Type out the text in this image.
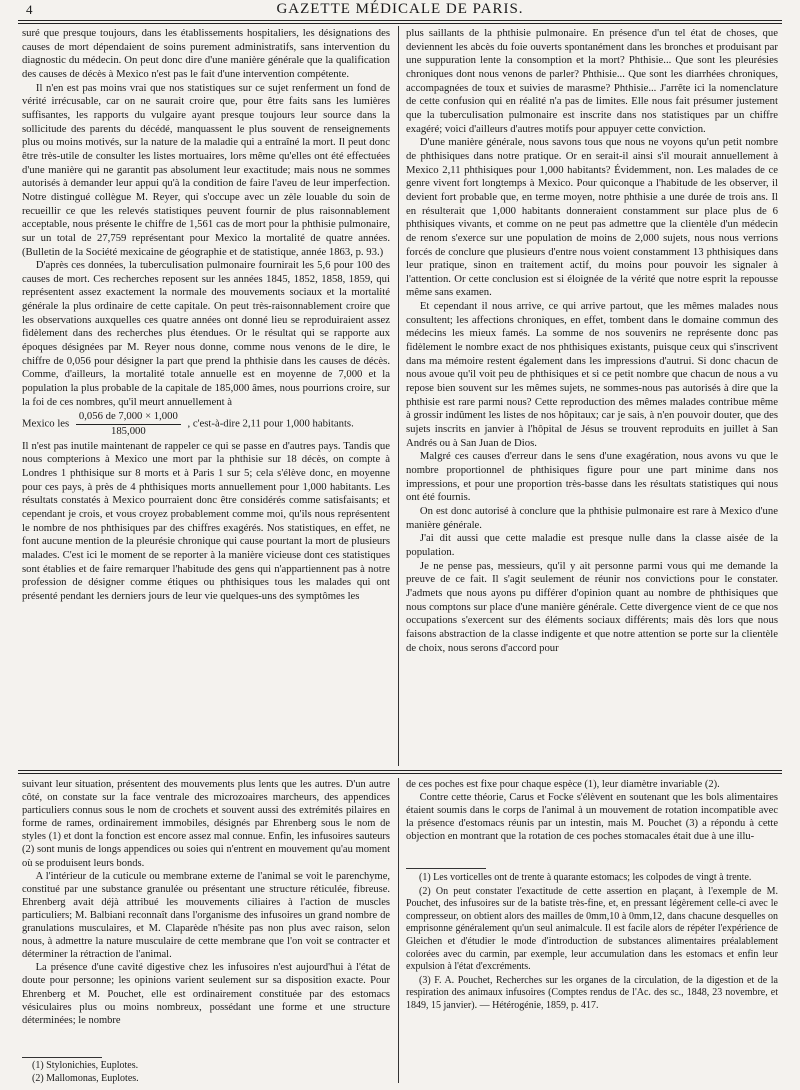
4	GAZETTE MÉDICALE DE PARIS.

suré que presque toujours, dans les établissements hospitaliers, les désignations des causes de mort dépendaient de soins purement administratifs, sans intervention du diagnostic du médecin. On peut donc dire d'une manière générale que la qualification des causes de décès à Mexico n'est pas le fait d'une intervention compétente.

Il n'en est pas moins vrai que nos statistiques sur ce sujet renferment un fond de vérité irrécusable, car on ne saurait croire que, pour être faits sans les lumières suffisantes, les rapports du vulgaire ayant presque toujours leur source dans la sollicitude des parents du décédé, manquassent le plus souvent de renseignements plus ou moins motivés, sur la nature de la maladie qui a entraîné la mort. Il peut donc être très-utile de consulter les listes mortuaires, lors même qu'elles ont été effectuées d'une manière qui ne garantit pas absolument leur exactitude; mais nous ne sommes autorisés à demander leur appui qu'à la condition de faire l'aveu de leur imperfection. Notre distingué collègue M. Reyer, qui s'occupe avec un zèle louable du soin de recueillir ce que les relevés statistiques peuvent fournir de plus raisonnablement acceptable, nous présente le chiffre de 1,561 cas de mort pour la phthisie pulmonaire, sur un total de 27,759 représentant pour Mexico la mortalité de quatre années. (Bulletin de la Société mexicaine de géographie et de statistique, année 1863, p. 93.)

D'après ces données, la tuberculisation pulmonaire fournirait les 5,6 pour 100 des causes de mort. Ces recherches reposent sur les années 1845, 1852, 1858, 1859, qui représentent assez exactement la normale des mouvements sociaux et la mortalité générale la plus ordinaire de cette capitale. On peut très-raisonnablement croire que les observations auxquelles ces quatre années ont donné lieu se reproduiraient assez fidèlement dans des recherches plus étendues. Or le résultat qui se rapporte aux époques désignées par M. Reyer nous donne, comme nous venons de le dire, le chiffre de 0,056 pour désigner la part que prend la phthisie dans les causes de décès. Comme, d'ailleurs, la mortalité totale annuelle est en moyenne de 7,000 et la population la plus probable de la capitale de 185,000 âmes, nous pourrions croire, sur la foi de ces nombres, qu'il meurt annuellement à

Mexico les $\frac{0,056 de 7,000 \times 1,000}{185,000}$ , c'est-à-dire 2,11 pour 1,000 habitants.

Il n'est pas inutile maintenant de rappeler ce qui se passe en d'autres pays. Tandis que nous compterions à Mexico une mort par la phthisie sur 18 décès, on compte à Londres 1 phthisique sur 8 morts et à Paris 1 sur 5; cela s'élève donc, en moyenne pour ces pays, à près de 4 phthisiques morts annuellement pour 1,000 habitants. Les résultats constatés à Mexico pourraient donc être considérés comme satisfaisants; et cependant je crois, et vous croyez probablement comme moi, qu'ils nous représentent le nombre de nos phthisiques par des chiffres exagérés. Nos statistiques, en effet, ne font aucune mention de la pleurésie chronique qui cause pourtant la mort de plusieurs malades. C'est ici le moment de se reporter à la manière vicieuse dont ces statistiques sont établies et de faire remarquer l'habitude des gens qui n'appartiennent pas à notre profession de désigner comme étiques ou phthisiques tous les malades qui ont présenté pendant les derniers jours de leur vie quelques-uns des symptômes les

plus saillants de la phthisie pulmonaire. En présence d'un tel état de choses, que deviennent les abcès du foie ouverts spontanément dans les bronches et produisant par une suppuration lente la consomption et la mort? Phthisie... Que sont les pleurésies chroniques dont nous venons de parler? Phthisie... Que sont les diarrhées chroniques, accompagnées de toux et suivies de marasme? Phthisie... J'arrête ici la nomenclature de cette confusion qui en réalité n'a pas de limites. Elle nous fait présumer justement que la tuberculisation pulmonaire est inscrite dans nos statistiques par un chiffre exagéré; voici d'ailleurs d'autres motifs pour appuyer cette conviction.

D'une manière générale, nous savons tous que nous ne voyons qu'un petit nombre de phthisiques dans notre pratique. Or en serait-il ainsi s'il mourait annuellement à Mexico 2,11 phthisiques pour 1,000 habitants? Évidemment, non. Les malades de ce genre vivent fort longtemps à Mexico. Pour quiconque a l'habitude de les observer, il devient fort probable que, en terme moyen, notre phthisie a une durée de trois ans. Il en résulterait que 1,000 habitants donneraient constamment sur place plus de 6 phthisiques vivants, et comme on ne peut pas admettre que la clientèle d'un médecin de renom s'exerce sur une population de moins de 2,000 sujets, nous nous verrions forcés de conclure que plusieurs d'entre nous voient constamment 13 phthisiques dans leur pratique, sinon en traitement actif, du moins pour pouvoir les signaler à l'attention. Or cette conclusion est si éloignée de la vérité que notre esprit la repousse même sans examen.

Et cependant il nous arrive, ce qui arrive partout, que les mêmes malades nous consultent; les affections chroniques, en effet, tombent dans le domaine commun des médecins les mieux famés. La somme de nos souvenirs ne représente donc pas fidèlement le nombre exact de nos phthisiques existants, puisque ceux qui s'inscrivent dans ma mémoire restent également dans les impressions d'autrui. Si donc chacun de nous avoue qu'il voit peu de phthisiques et si ce petit nombre que chacun de nous a vu repose bien souvent sur les mêmes sujets, ne sommes-nous pas autorisés à dire que la phthisie est rare parmi nous? Cette reproduction des mêmes malades contribue même à grossir indûment les listes de nos hôpitaux; car je sais, à n'en pouvoir douter, que des sujets inscrits en janvier à l'hôpital de Jésus se trouvent reproduits en juillet à San Andrés ou à San Juan de Dios.

Malgré ces causes d'erreur dans le sens d'une exagération, nous avons vu que le nombre proportionnel de phthisiques figure pour une part minime dans nos impressions, et pour une proportion très-basse dans les résultats statistiques qui nous ont été fournis.

On est donc autorisé à conclure que la phthisie pulmonaire est rare à Mexico d'une manière générale.

J'ai dit aussi que cette maladie est presque nulle dans la classe aisée de la population.

Je ne pense pas, messieurs, qu'il y ait personne parmi vous qui me demande la preuve de ce fait. Il s'agit seulement de réunir nos convictions pour le constater. J'admets que nous ayons pu différer d'opinion quant au nombre de phthisiques que nous comptons sur place d'une manière générale. Cette divergence vient de ce que nos occupations s'exercent sur des éléments sociaux différents; mais dès lors que nous faisons abstraction de la classe indigente et que notre attention se porte sur la clientèle de choix, nous serons d'accord pour

suivant leur situation, présentent des mouvements plus lents que les autres. D'un autre côté, on constate sur la face ventrale des microzoaires marcheurs, des appendices particuliers connus sous le nom de crochets et souvent aussi des extrémités pilaires en forme de rames, ordinairement immobiles, désignés par Ehrenberg sous le nom de styles (1) et dont la fonction est encore assez mal connue. Enfin, les infusoires sauteurs (2) sont munis de longs appendices ou soies qui n'entrent en mouvement qu'au moment où se produisent leurs bonds.

A l'intérieur de la cuticule ou membrane externe de l'animal se voit le parenchyme, constitué par une substance granulée ou présentant une structure réticulée, fibreuse. Ehrenberg avait déjà attribué les mouvements ciliaires à l'action de muscles particuliers; M. Balbiani reconnaît dans l'organisme des infusoires un grand nombre de granulations musculaires, et M. Claparède n'hésite pas non plus avec raison, selon nous, à admettre la nature musculaire de cette membrane que l'on voit se contracter et déterminer la rétraction de l'animal.

La présence d'une cavité digestive chez les infusoires n'est aujourd'hui à l'état de doute pour personne; les opinions varient seulement sur sa disposition exacte. Pour Ehrenberg et M. Pouchet, elle est ordinairement constituée par des estomacs vésiculaires plus ou moins nombreux, possédant une forme et une structure déterminées; le nombre

de ces poches est fixe pour chaque espèce (1), leur diamètre invariable (2).

Contre cette théorie, Carus et Focke s'élèvent en soutenant que les bols alimentaires étaient soumis dans le corps de l'animal à un mouvement de rotation incompatible avec la présence d'estomacs réunis par un intestin, mais M. Pouchet (3) a répondu à cette objection en montrant que la rotation de ces poches stomacales était due à une illu-

(1) Les vorticelles ont de trente à quarante estomacs; les colpodes de vingt à trente.

(2) On peut constater l'exactitude de cette assertion en plaçant, à l'exemple de M. Pouchet, des infusoires sur de la batiste très-fine, et, en pressant légèrement celle-ci avec le compresseur, on obtient alors des mailles de 0mm,10 à 0mm,12, dans chacune desquelles on emprisonne généralement qu'un seul animalcule. Il est facile alors de répéter l'expérience de Gleichen et d'étudier le mode d'introduction de substances alimentaires préalablement colorées avec du carmin, par exemple, leur accumulation dans les estomacs et enfin leur expulsion à l'état d'excréments.

(3) F. A. Pouchet, Recherches sur les organes de la circulation, de la digestion et de la respiration des animaux infusoires (Comptes rendus de l'Ac. des sc., 1848, 23 novembre, et 1849, 15 janvier). — Hétérogénie, 1859, p. 417.

(1) Stylonichies, Euplotes.

(2) Mallomonas, Euplotes.
